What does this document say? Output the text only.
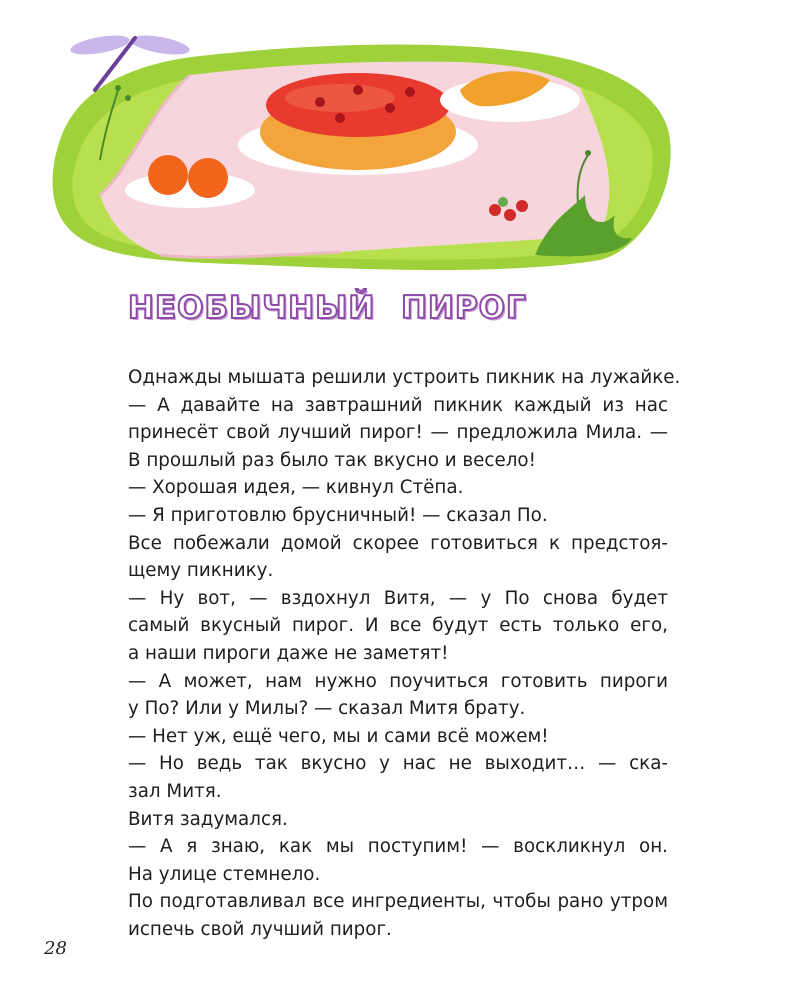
НЕОБЫЧНЫЙ ПИРОГ
Однажды мышата решили устроить пикник на лужайке.
— А давайте на завтрашний пикник каждый из нас
принесёт свой лучший пирог! — предложила Мила. —
В прошлый раз было так вкусно и весело!
— Хорошая идея, — кивнул Стёпа.
— Я приготовлю брусничный! — сказал По.
Все побежали домой скорее готовиться к предстоя-
щему пикнику.
— Ну вот, — вздохнул Витя, — у По снова будет
самый вкусный пирог. И все будут есть только его,
а наши пироги даже не заметят!
— А может, нам нужно поучиться готовить пироги
у По? Или у Милы? — сказал Митя брату.
— Нет уж, ещё чего, мы и сами всё можем!
— Но ведь так вкусно у нас не выходит… — ска-
зал Митя.
Витя задумался.
— А я знаю, как мы поступим! — воскликнул он.
На улице стемнело.
По подготавливал все ингредиенты, чтобы рано утром
испечь свой лучший пирог.
28
